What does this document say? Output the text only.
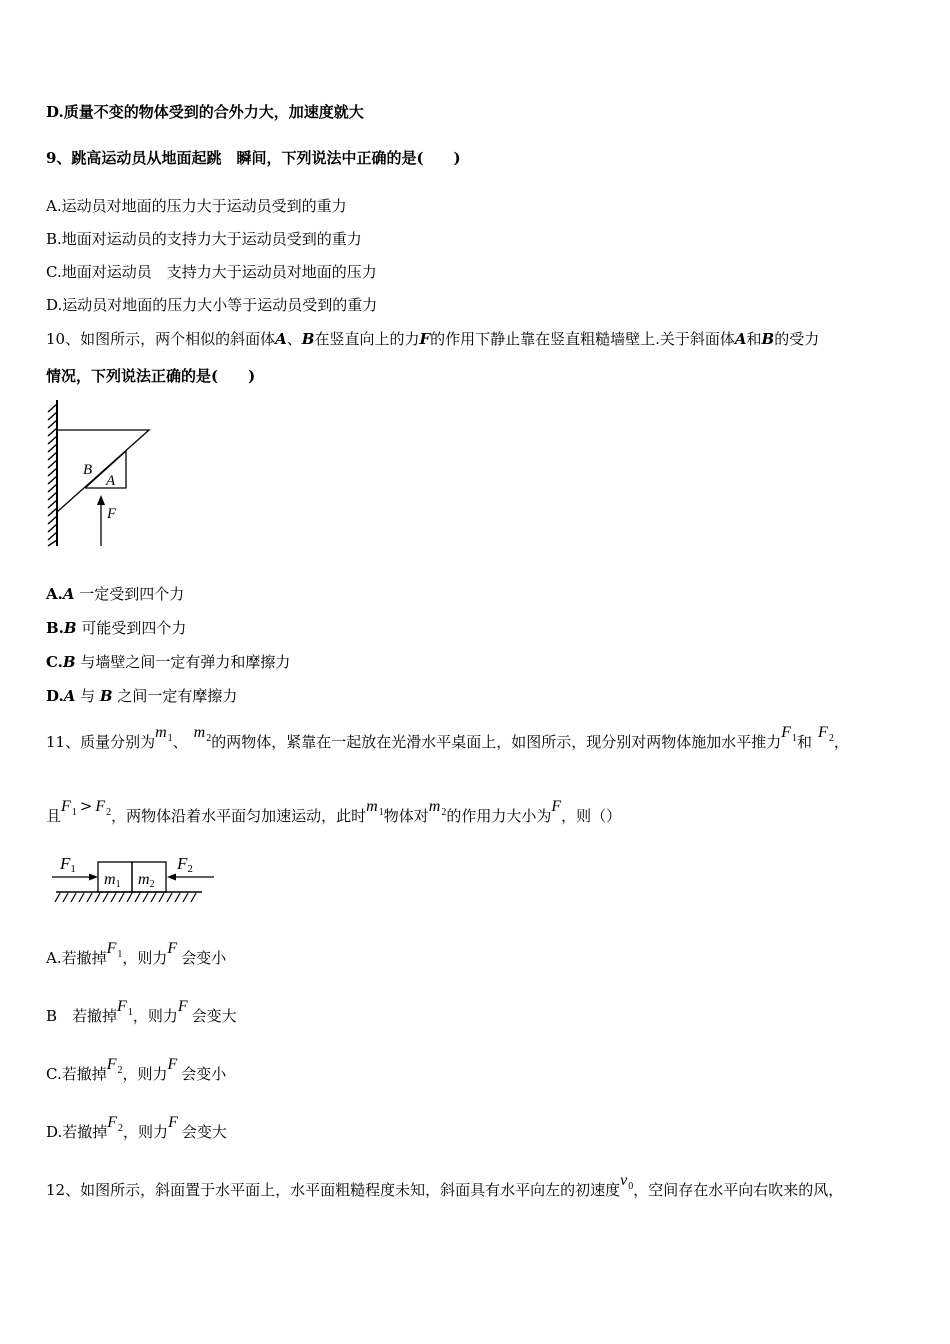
D.质量不变的物体受到的合外力大，加速度就大
9、跳高运动员从地面起跳　瞬间，下列说法中正确的是(　　)
A.运动员对地面的压力大于运动员受到的重力
B.地面对运动员的支持力大于运动员受到的重力
C.地面对运动员　支持力大于运动员对地面的压力
D.运动员对地面的压力大小等于运动员受到的重力
10、如图所示，两个相似的斜面体A、B在竖直向上的力F的作用下静止靠在竖直粗糙墙壁上.关于斜面体A和B的受力
情况，下列说法正确的是(　　)
B
A
F
A.A 一定受到四个力
B.B 可能受到四个力
C.B 与墙壁之间一定有弹力和摩擦力
D.A 与 B 之间一定有摩擦力
11、质量分别为$m_1$、$m_2$的两物体，紧靠在一起放在光滑水平桌面上，如图所示，现分别对两物体施加水平推力$F_1$和$F_2$，
且$F_1 > F_2$，两物体沿着水平面匀加速运动，此时$m_1$物体对$m_2$的作用力大小为F，则（）
F1	F2
m1 m2
A.若撤掉$F_1$，则力F会变小
B　若撤掉$F_1$，则力F会变大
C.若撤掉$F_2$，则力F会变小
D.若撤掉$F_2$，则力F会变大
12、如图所示，斜面置于水平面上，水平面粗糙程度未知，斜面具有水平向左的初速度$v_0$，空间存在水平向右吹来的风，
